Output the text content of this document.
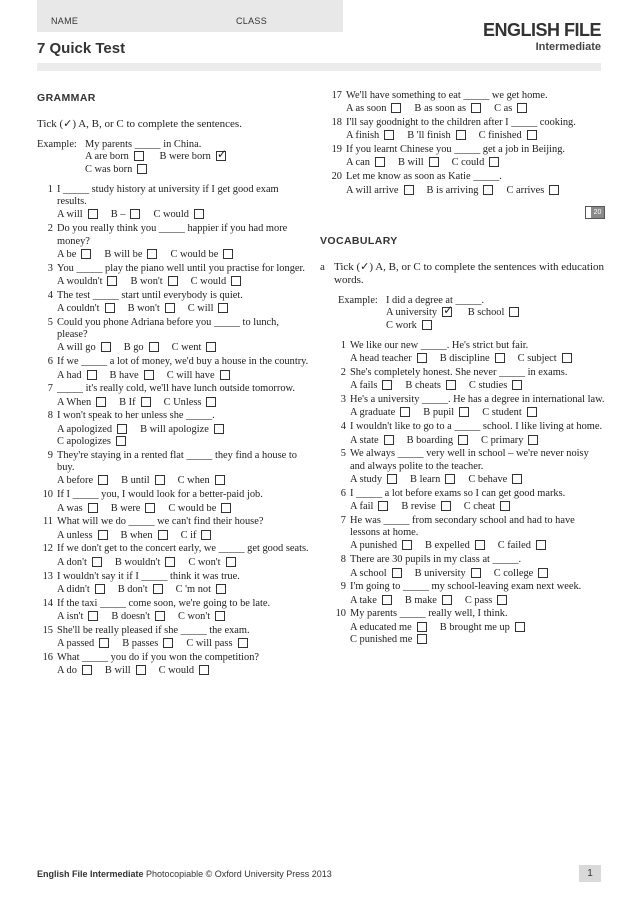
NAME	CLASS
7 Quick Test
ENGLISH FILE
Intermediate
GRAMMAR
Tick (✓) A, B, or C to complete the sentences.
Example: My parents _____ in China.
A are born	B were born ✓
C was born
1 I _____ study history at university if I get good exam results.
A will	B –	C would
2 Do you really think you _____ happier if you had more money?
A be	B will be	C would be
3 You _____ play the piano well until you practise for longer.
A wouldn't	B won't	C would
4 The test _____ start until everybody is quiet.
A couldn't	B won't	C will
5 Could you phone Adriana before you _____ to lunch, please?
A will go	B go	C went
6 If we _____ a lot of money, we'd buy a house in the country.
A had	B have	C will have
7 _____ it's really cold, we'll have lunch outside tomorrow.
A When	B If	C Unless
8 I won't speak to her unless she _____.
A apologized	B will apologizeC apologizes
9 They're staying in a rented flat _____ they find a house to buy.
A before	B until	C when
10 If I _____ you, I would look for a better-paid job.
A was	B were	C would be
11 What will we do _____ we can't find their house?
A unless	B when	C if
12 If we don't get to the concert early, we _____ get good seats.
A don't	B wouldn't	C won't
13 I wouldn't say it if I _____ think it was true.
A didn't	B don't	C 'm not
14 If the taxi _____ come soon, we're going to be late.
A isn't	B doesn't	C won't
15 She'll be really pleased if she _____ the exam.
A passed	B passes	C will pass
16 What _____ you do if you won the competition?
A do	B will	C would
17 We'll have something to eat _____ we get home.
A as soon	B as soon as	C as
18 I'll say goodnight to the children after I _____ cooking.
A finish	B 'll finish	C finished
19 If you learnt Chinese you _____ get a job in Beijing.
A can	B will	C could
20 Let me know as soon as Katie _____.
A will arrive	B is arriving	C arrives
20
VOCABULARY
a Tick (✓) A, B, or C to complete the sentences with education words.
Example: I did a degree at _____.
A university ✓ B school
C work
1 We like our new _____. He's strict but fair.
A head teacher	B discipline	C subject
2 She's completely honest. She never _____ in exams.
A fails	B cheats	C studies
3 He's a university _____. He has a degree in international law.
A graduate	B pupil	C student
4 I wouldn't like to go to a _____ school. I like living at home.
A state	B boarding	C primary
5 We always _____ very well in school – we're never noisy and always polite to the teacher.
A study	B learn	C behave
6 I _____ a lot before exams so I can get good marks.
A fail	B revise	C cheat
7 He was _____ from secondary school and had to have lessons at home.
A punished	B expelled	C failed
8 There are 30 pupils in my class at _____.
A school	B university	C college
9 I'm going to _____ my school-leaving exam next week.
A take	B make	C pass
10 My parents _____ really well, I think.
A educated me	B brought me upC punished me
English File Intermediate Photocopiable © Oxford University Press 2013	1
